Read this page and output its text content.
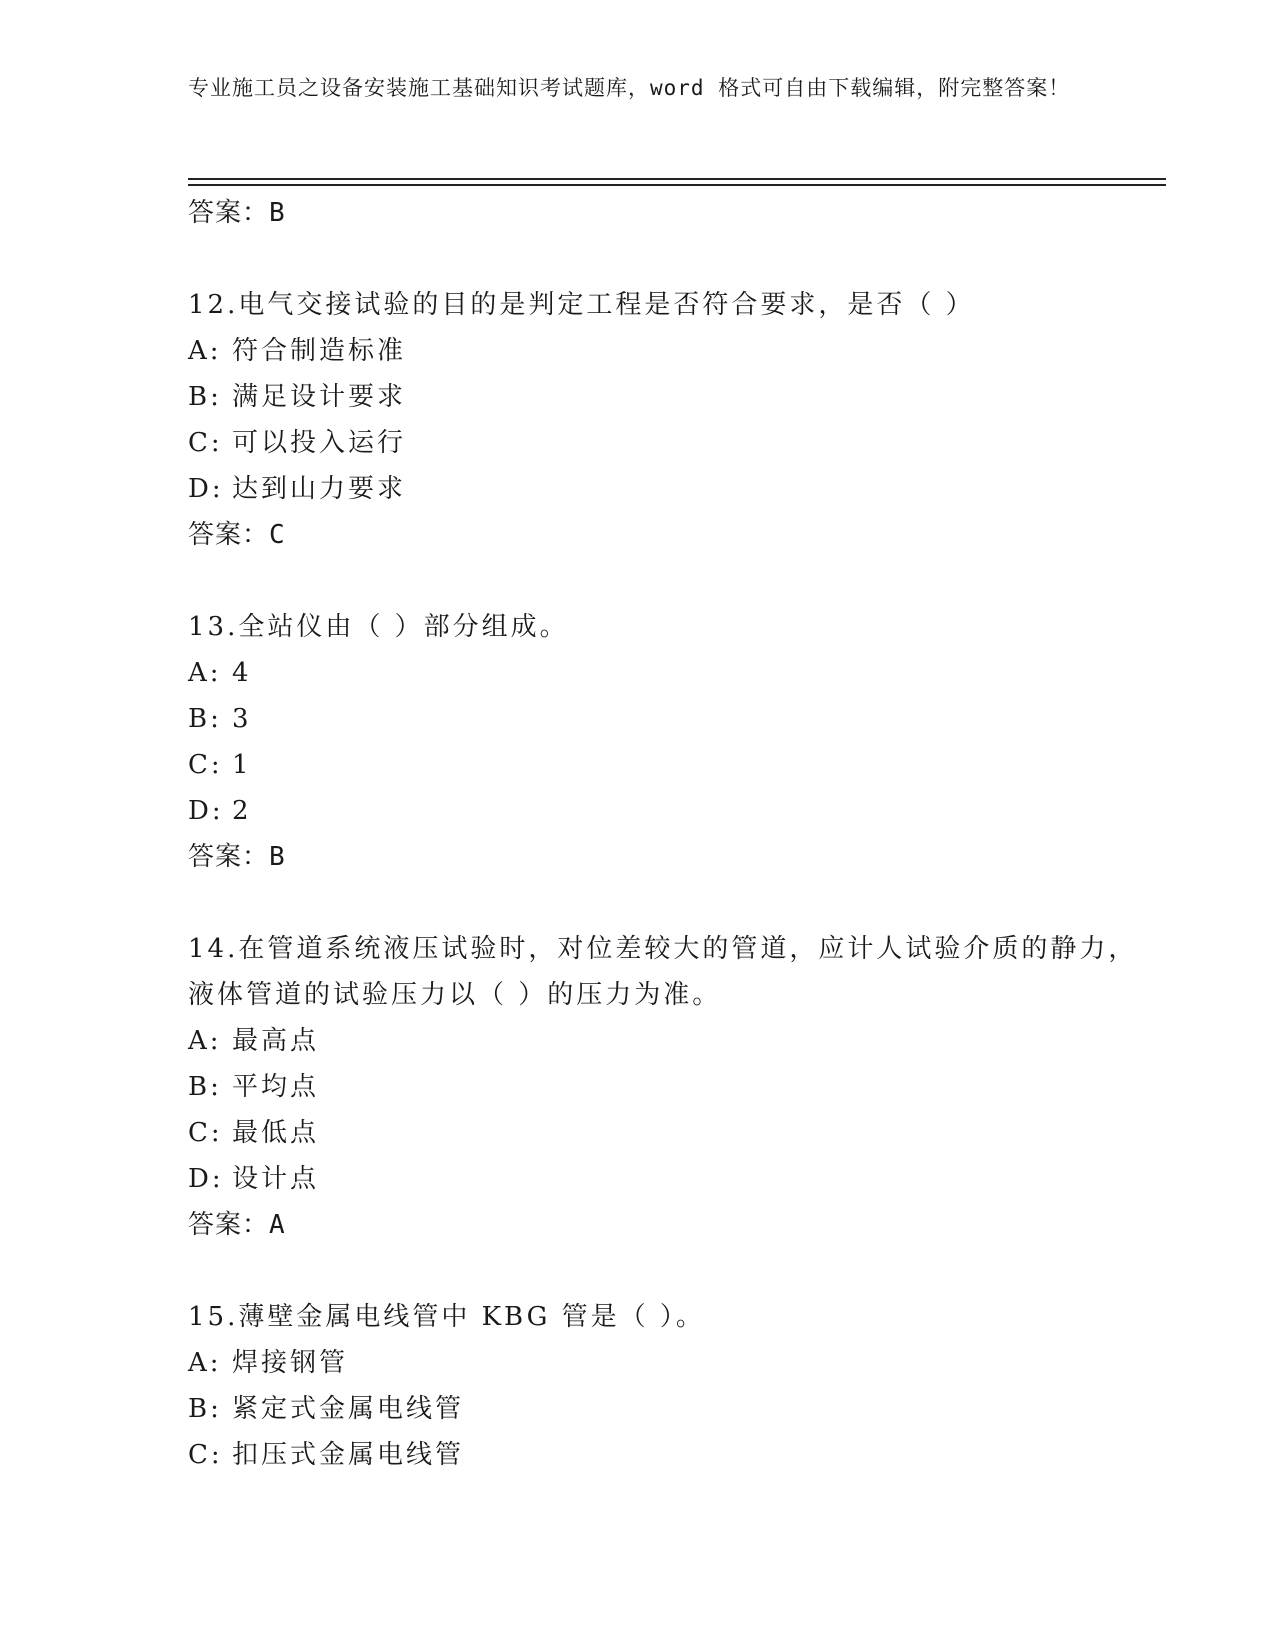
专业施工员之设备安装施工基础知识考试题库，word 格式可自由下载编辑，附完整答案！
答案：B

12.电气交接试验的目的是判定工程是否符合要求，是否（ ）

A: 符合制造标准
B: 满足设计要求
C: 可以投入运行
D: 达到山力要求
答案：C

13.全站仪由（ ）部分组成。

A: 4
B: 3
C: 1
D: 2
答案：B

14.在管道系统液压试验时，对位差较大的管道，应计人试验介质的静力，液体管道的试验压力以（ ）的压力为准。

A: 最高点
B: 平均点
C: 最低点
D: 设计点
答案：A

15.薄壁金属电线管中 KBG 管是（ ）。

A: 焊接钢管
B: 紧定式金属电线管
C: 扣压式金属电线管
